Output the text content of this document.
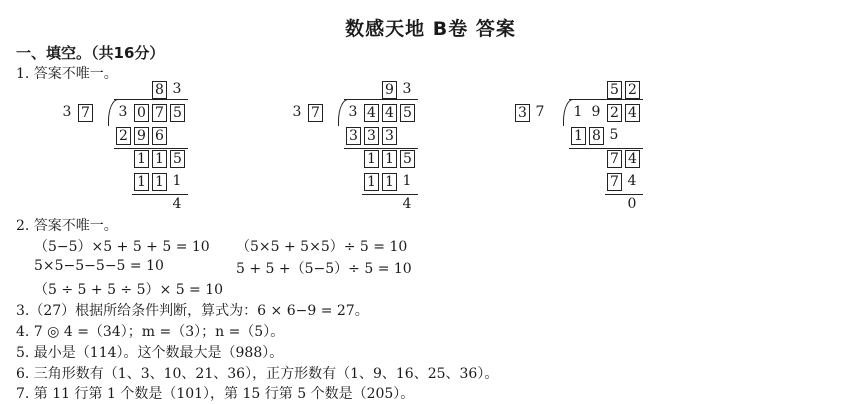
数感天地 B卷 答案
一、填空。（共16分）
1. 答案不唯一。
3 7 3 0 7 5
8 3
2 9 6
1 1 5
1 1 1
4
3 7 3 4 4 5
9 3
3 3 3
1 1 5
1 1 1
4
3 7 1 9 2 4
5 2
1 8 5
7 4
7 4
0
2. 答案不唯一。
（5−5）×5 + 5 + 5 = 10 （5×5 + 5×5）÷ 5 = 10
5×5−5−5−5 = 10	5 + 5 +（5−5）÷ 5 = 10
（5 ÷ 5 + 5 ÷ 5）× 5 = 10
3.（27）根据所给条件判断，算式为：6 × 6−9 = 27。
4. 7 ◎ 4 =（34）；m =（3）；n =（5）。
5. 最小是（114）。这个数最大是（988）。
6. 三角形数有（1、3、10、21、36），正方形数有（1、9、16、25、36）。
7. 第 11 行第 1 个数是（101），第 15 行第 5 个数是（205）。
